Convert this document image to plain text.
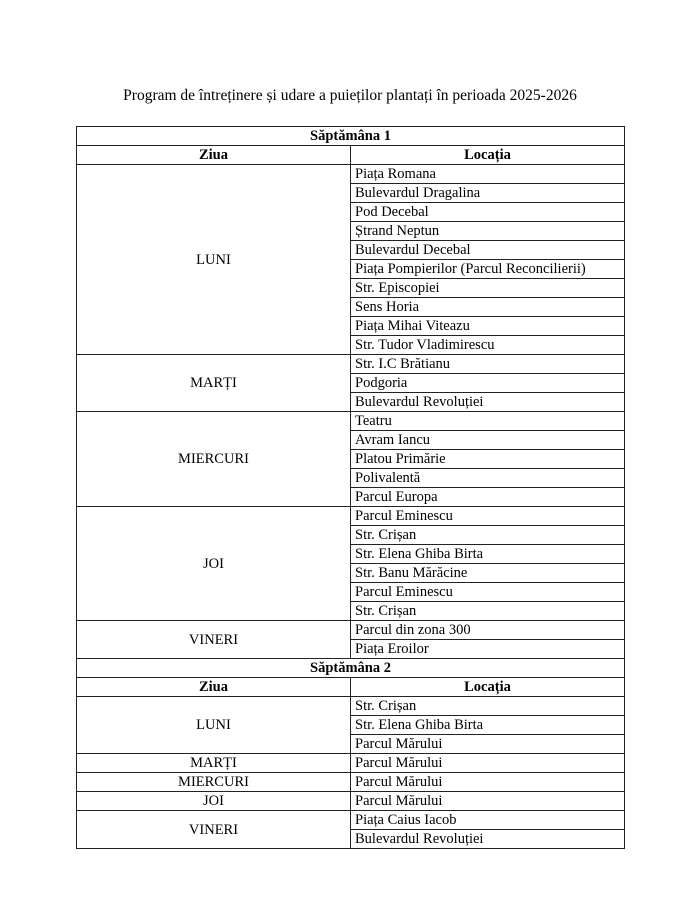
Program de întreținere și udare a puieților plantați în perioada 2025-2026
Săptămâna 1	
Ziua	Locația
LUNI	Piața Romana
	Bulevardul Dragalina
	Pod Decebal
	Ștrand Neptun
	Bulevardul Decebal
	Piața Pompierilor (Parcul Reconcilierii)
	Str. Episcopiei
	Sens Horia
	Piața Mihai Viteazu
	Str. Tudor Vladimirescu
MARȚI	Str. I.C Brătianu
	Podgoria
	Bulevardul Revoluției
MIERCURI	Teatru
	Avram Iancu
	Platou Primărie
	Polivalentă
	Parcul Europa
JOI	Parcul Eminescu
	Str. Crișan
	Str. Elena Ghiba Birta
	Str. Banu Mărăcine
	Parcul Eminescu
	Str. Crișan
VINERI	Parcul din zona 300
	Piața Eroilor
Săptămâna 2	
Ziua	Locația
LUNI	Str. Crișan
	Str. Elena Ghiba Birta
	Parcul Mărului
MARȚI	Parcul Mărului
MIERCURI	Parcul Mărului
JOI	Parcul Mărului
VINERI	Piața Caius Iacob
	Bulevardul Revoluției
